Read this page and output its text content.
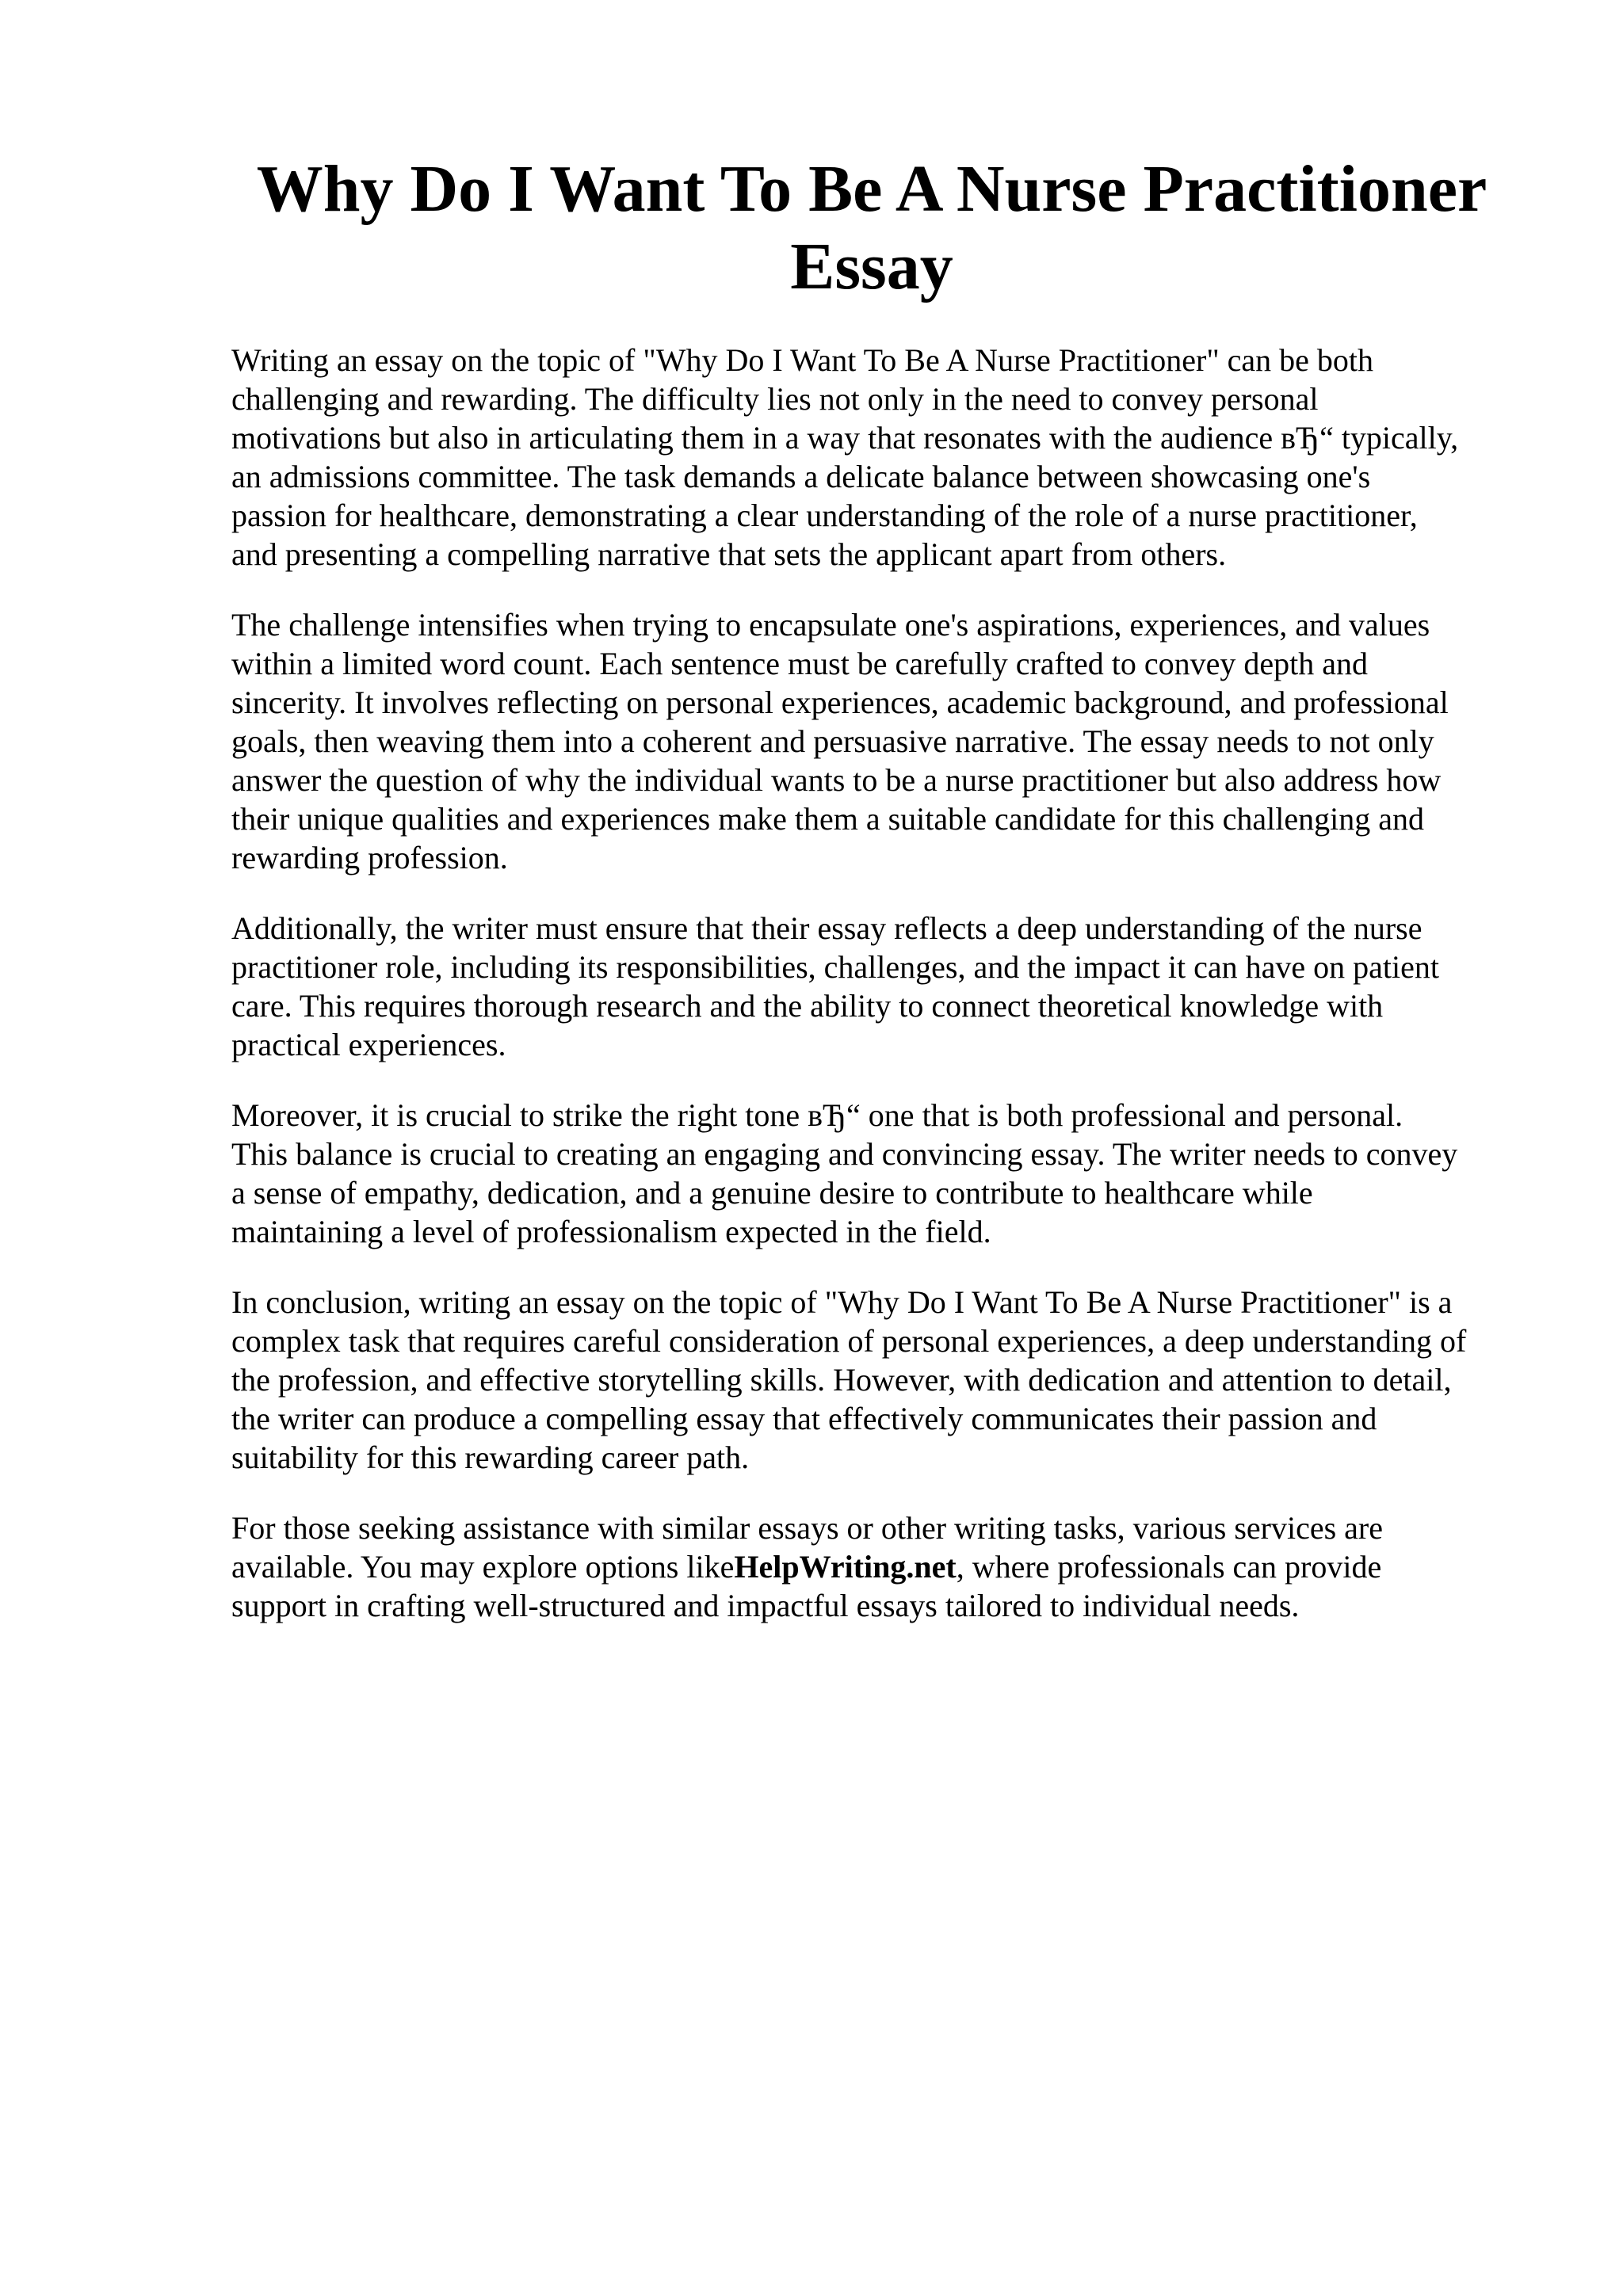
Why Do I Want To Be A Nurse Practitioner
Essay

Writing an essay on the topic of "Why Do I Want To Be A Nurse Practitioner" can be both
challenging and rewarding. The difficulty lies not only in the need to convey personal
motivations but also in articulating them in a way that resonates with the audience вЂ“ typically,
an admissions committee. The task demands a delicate balance between showcasing one's
passion for healthcare, demonstrating a clear understanding of the role of a nurse practitioner,
and presenting a compelling narrative that sets the applicant apart from others.

The challenge intensifies when trying to encapsulate one's aspirations, experiences, and values
within a limited word count. Each sentence must be carefully crafted to convey depth and
sincerity. It involves reflecting on personal experiences, academic background, and professional
goals, then weaving them into a coherent and persuasive narrative. The essay needs to not only
answer the question of why the individual wants to be a nurse practitioner but also address how
their unique qualities and experiences make them a suitable candidate for this challenging and
rewarding profession.

Additionally, the writer must ensure that their essay reflects a deep understanding of the nurse
practitioner role, including its responsibilities, challenges, and the impact it can have on patient
care. This requires thorough research and the ability to connect theoretical knowledge with
practical experiences.

Moreover, it is crucial to strike the right tone вЂ“ one that is both professional and personal.
This balance is crucial to creating an engaging and convincing essay. The writer needs to convey
a sense of empathy, dedication, and a genuine desire to contribute to healthcare while
maintaining a level of professionalism expected in the field.

In conclusion, writing an essay on the topic of "Why Do I Want To Be A Nurse Practitioner" is a
complex task that requires careful consideration of personal experiences, a deep understanding of
the profession, and effective storytelling skills. However, with dedication and attention to detail,
the writer can produce a compelling essay that effectively communicates their passion and
suitability for this rewarding career path.

For those seeking assistance with similar essays or other writing tasks, various services are
available. You may explore options likeHelpWriting.net, where professionals can provide
support in crafting well-structured and impactful essays tailored to individual needs.
